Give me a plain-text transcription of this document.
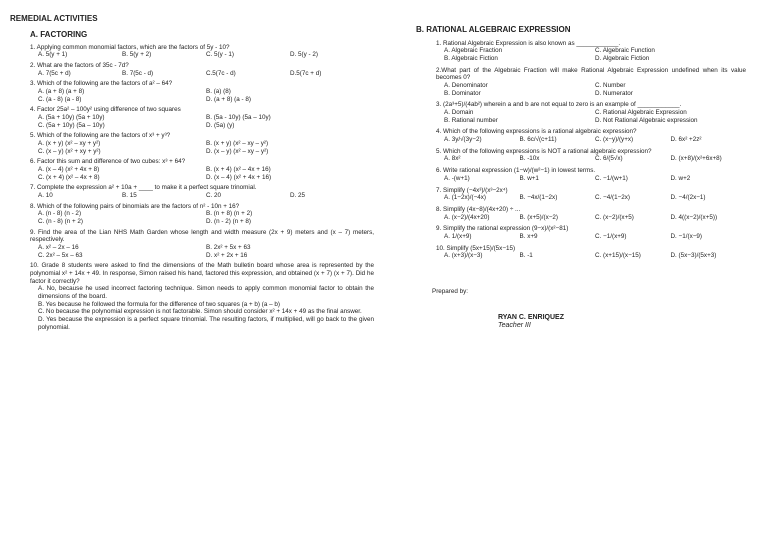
REMEDIAL ACTIVITIES
A. FACTORING
1. Applying common monomial factors, which are the factors of 5y - 10?
A. 5(y + 1)	B. 5(y + 2)	C. 5(y - 1)	D. 5(y - 2)
2. What are the factors of 35c - 7d?
A. 7(5c + d)	B. 7(5c - d)	C.5(7c - d)	D.5(7c + d)
3. Which of the following are the factors of a² – 64?
A. (a + 8) (a + 8)	B. (a) (8)
C. (a - 8) (a - 8)	D. (a + 8) (a - 8)
4. Factor 25a² – 100y² using difference of two squares
A. (5a + 10y) (5a + 10y)	B. (5a - 10y) (5a – 10y)
C. (5a + 10y) (5a – 10y)	D. (5a) (y)
5. Which of the following are the factors of x³ + y³?
A. (x + y) (x² – xy + y²)	B. (x + y) (x² – xy – y²)
C. (x – y) (x² + xy + y²)	D. (x – y) (x² – xy – y²)
6. Factor this sum and difference of two cubes: x³ + 64?
A. (x – 4) (x² + 4x + 8)	B. (x + 4) (x² – 4x + 16)
C. (x + 4) (x² – 4x + 8)	D. (x – 4) (x² + 4x + 16)
7. Complete the expression a² + 10a + ____ to make it a perfect square trinomial.
A. 10	B. 15	C. 20	D. 25
8. Which of the following pairs of binomials are the factors of n² - 10n + 16?
A. (n - 8) (n - 2)	B. (n + 8) (n + 2)
C. (n - 8) (n + 2)	D. (n - 2) (n + 8)
9. Find the area of the Lian NHS Math Garden whose length and width measure (2x + 9) meters and (x – 7) meters, respectively.
A. x² – 2x – 16	B. 2x² + 5x + 63
C. 2x² – 5x – 63	D. x² + 2x + 16
10. Grade 8 students were asked to find the dimensions of the Math bulletin board whose area is represented by the polynomial x² + 14x + 49. In response, Simon raised his hand, factored this expression, and obtained (x + 7) (x + 7). Did he factor it correctly?
A. No, because he used incorrect factoring technique. Simon needs to apply common monomial factor to obtain the dimensions of the board.
B. Yes because he followed the formula for the difference of two squares (a + b) (a – b)
C. No because the polynomial expression is not factorable. Simon should consider x² + 14x + 49 as the final answer.
D. Yes because the expression is a perfect square trinomial. The resulting factors, if multiplied, will go back to the given polynomial.
B. RATIONAL ALGEBRAIC EXPRESSION
1. Rational Algebraic Expression is also known as ____________.
A. Algebraic Fraction	C. Algebraic Function
B. Algebraic Fiction	D. Algebraic Fiction
2.What part of the Algebraic Fraction will make Rational Algebraic Expression undefined when its value becomes 0?
A. Denominator	C. Number
B. Dominator	D. Numerator
3. (2a³+5)/(4ab²) wherein a and b are not equal to zero is an example of ____________.
A. Domain	C. Rational Algebraic Expression
B. Rational number	D. Not Rational Algebraic expression
4. Which of the following expressions is a rational algebraic expression?
A. 3y/√(3y−2)	B. 6c/√(c+11)	C. (x−y)/(y+x)	D. 6x² +2z²
5. Which of the following expressions is NOT a rational algebraic expression?
A. 8x²	B. -10x	C. 6/(5√x)	D. (x+8)/(x²+6x+8)
6. Write rational expression (1−w)/(w²−1) in lowest terms.
A. -(w+1)	B. w+1	C. −1/(w+1)	D. w+2
7. Simplify (−4x³)/(x³−2x⁴)
A. (1−2x)/(−4x)	B. −4x/(1−2x)	C. −4/(1−2x)	D. −4/(2x−1)
8. Simplify (4x−8)/(4x+20) ÷ ...
A. (x−2)/(4x+20)	B. (x+5)/(x−2)	C. (x−2)/(x+5)	D. 4((x−2)/(x+5))
9. Simplify the rational expression (9−x)/(x²−81)
A. 1/(x+9)	B. x+9	C. −1/(x+9)	D. −1/(x−9)
10. Simplify (5x+15)/(5x−15)
A. (x+3)/(x−3)	B. -1	C. (x+15)/(x−15)	D. (5x−3)/(5x+3)
Prepared by:
RYAN C. ENRIQUEZ
Teacher III
